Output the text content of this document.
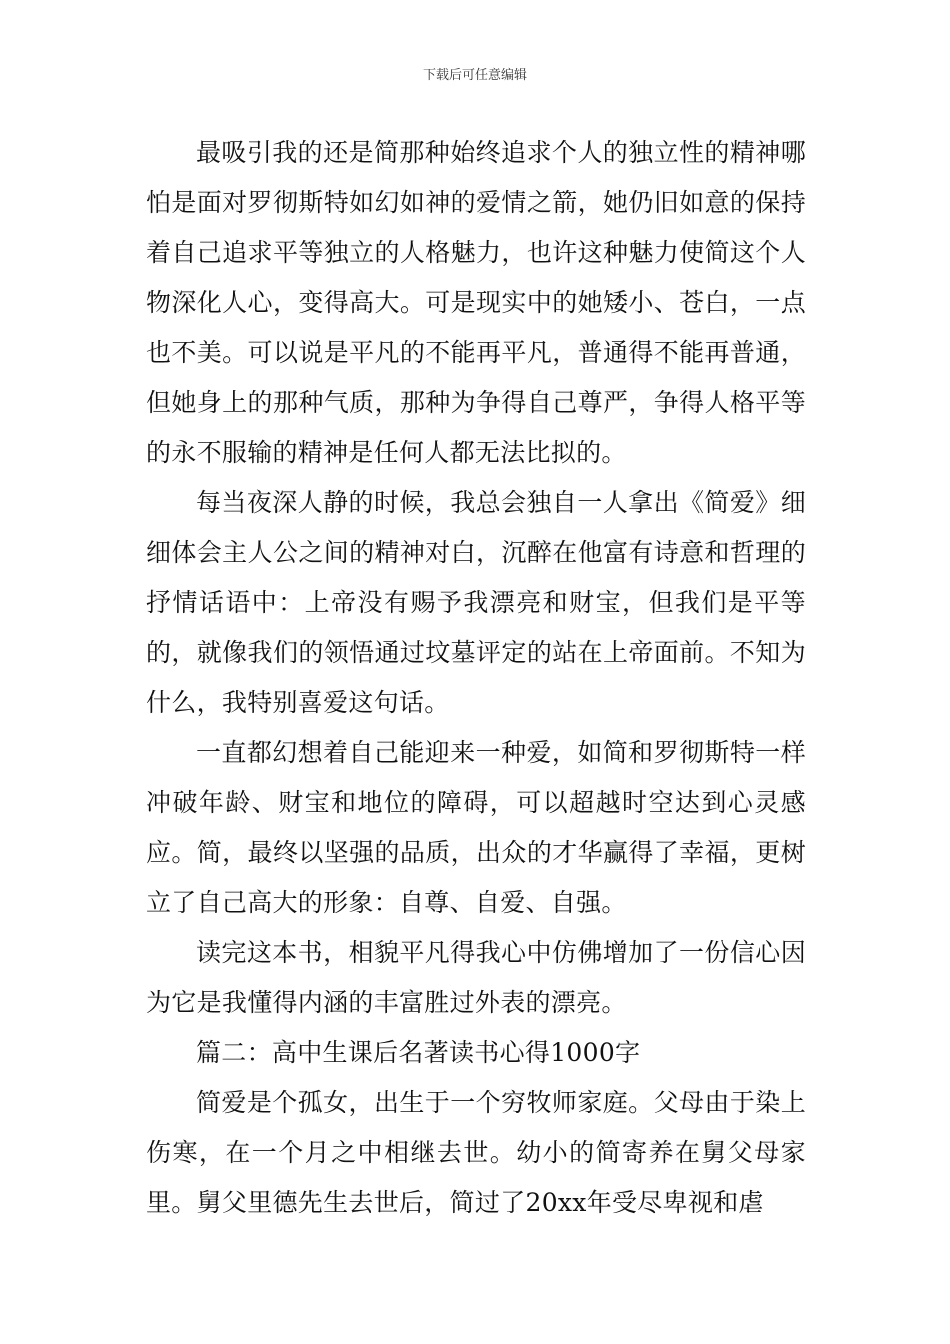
下载后可任意编辑

最吸引我的还是简那种始终追求个人的独立性的精神哪怕是面对罗彻斯特如幻如神的爱情之箭，她仍旧如意的保持着自己追求平等独立的人格魅力，也许这种魅力使简这个人物深化人心，变得高大。可是现实中的她矮小、苍白，一点也不美。可以说是平凡的不能再平凡，普通得不能再普通，但她身上的那种气质，那种为争得自己尊严，争得人格平等的永不服输的精神是任何人都无法比拟的。

每当夜深人静的时候，我总会独自一人拿出《简爱》细细体会主人公之间的精神对白，沉醉在他富有诗意和哲理的抒情话语中：上帝没有赐予我漂亮和财宝，但我们是平等的，就像我们的领悟通过坟墓评定的站在上帝面前。不知为什么，我特别喜爱这句话。

一直都幻想着自己能迎来一种爱，如简和罗彻斯特一样冲破年龄、财宝和地位的障碍，可以超越时空达到心灵感应。简，最终以坚强的品质，出众的才华赢得了幸福，更树立了自己高大的形象：自尊、自爱、自强。

读完这本书，相貌平凡得我心中仿佛增加了一份信心因为它是我懂得内涵的丰富胜过外表的漂亮。

篇二：高中生课后名著读书心得1000字

简爱是个孤女，出生于一个穷牧师家庭。父母由于染上伤寒，在一个月之中相继去世。幼小的简寄养在舅父母家里。舅父里德先生去世后，简过了20xx年受尽卑视和虐
